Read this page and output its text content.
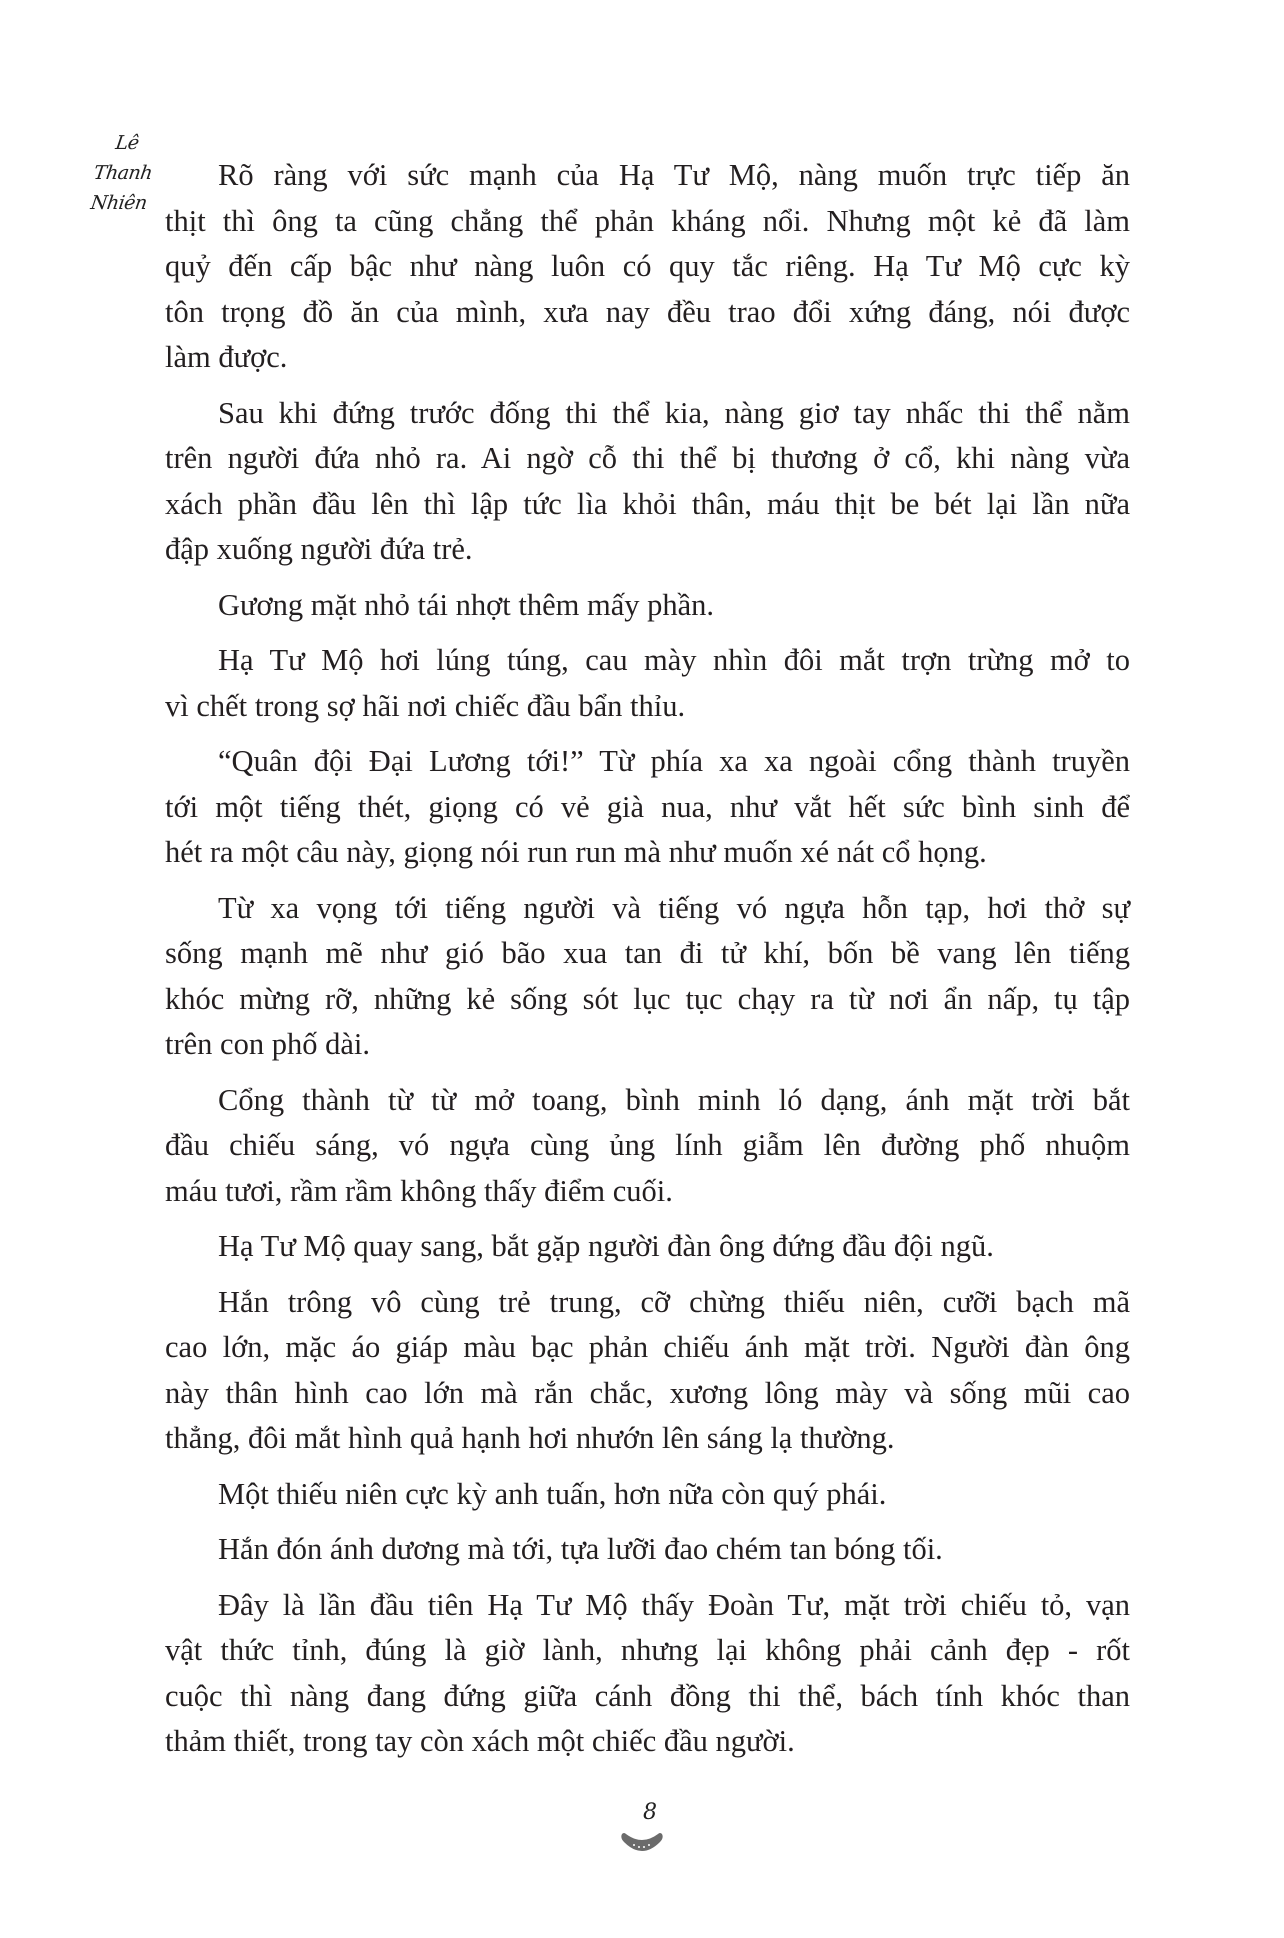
Lê
Thanh
Nhiên
Rõ ràng với sức mạnh của Hạ Tư Mộ, nàng muốn trực tiếp ăn
thịt thì ông ta cũng chẳng thể phản kháng nổi. Nhưng một kẻ đã làm
quỷ đến cấp bậc như nàng luôn có quy tắc riêng. Hạ Tư Mộ cực kỳ
tôn trọng đồ ăn của mình, xưa nay đều trao đổi xứng đáng, nói được
làm được.
Sau khi đứng trước đống thi thể kia, nàng giơ tay nhấc thi thể nằm
trên người đứa nhỏ ra. Ai ngờ cỗ thi thể bị thương ở cổ, khi nàng vừa
xách phần đầu lên thì lập tức lìa khỏi thân, máu thịt be bét lại lần nữa
đập xuống người đứa trẻ.
Gương mặt nhỏ tái nhợt thêm mấy phần.
Hạ Tư Mộ hơi lúng túng, cau mày nhìn đôi mắt trợn trừng mở to
vì chết trong sợ hãi nơi chiếc đầu bẩn thỉu.
“Quân đội Đại Lương tới!” Từ phía xa xa ngoài cổng thành truyền
tới một tiếng thét, giọng có vẻ già nua, như vắt hết sức bình sinh để
hét ra một câu này, giọng nói run run mà như muốn xé nát cổ họng.
Từ xa vọng tới tiếng người và tiếng vó ngựa hỗn tạp, hơi thở sự
sống mạnh mẽ như gió bão xua tan đi tử khí, bốn bề vang lên tiếng
khóc mừng rỡ, những kẻ sống sót lục tục chạy ra từ nơi ẩn nấp, tụ tập
trên con phố dài.
Cổng thành từ từ mở toang, bình minh ló dạng, ánh mặt trời bắt
đầu chiếu sáng, vó ngựa cùng ủng lính giẫm lên đường phố nhuộm
máu tươi, rầm rầm không thấy điểm cuối.
Hạ Tư Mộ quay sang, bắt gặp người đàn ông đứng đầu đội ngũ.
Hắn trông vô cùng trẻ trung, cỡ chừng thiếu niên, cưỡi bạch mã
cao lớn, mặc áo giáp màu bạc phản chiếu ánh mặt trời. Người đàn ông
này thân hình cao lớn mà rắn chắc, xương lông mày và sống mũi cao
thẳng, đôi mắt hình quả hạnh hơi nhướn lên sáng lạ thường.
Một thiếu niên cực kỳ anh tuấn, hơn nữa còn quý phái.
Hắn đón ánh dương mà tới, tựa lưỡi đao chém tan bóng tối.
Đây là lần đầu tiên Hạ Tư Mộ thấy Đoàn Tư, mặt trời chiếu tỏ, vạn
vật thức tỉnh, đúng là giờ lành, nhưng lại không phải cảnh đẹp - rốt
cuộc thì nàng đang đứng giữa cánh đồng thi thể, bách tính khóc than
thảm thiết, trong tay còn xách một chiếc đầu người.
8
